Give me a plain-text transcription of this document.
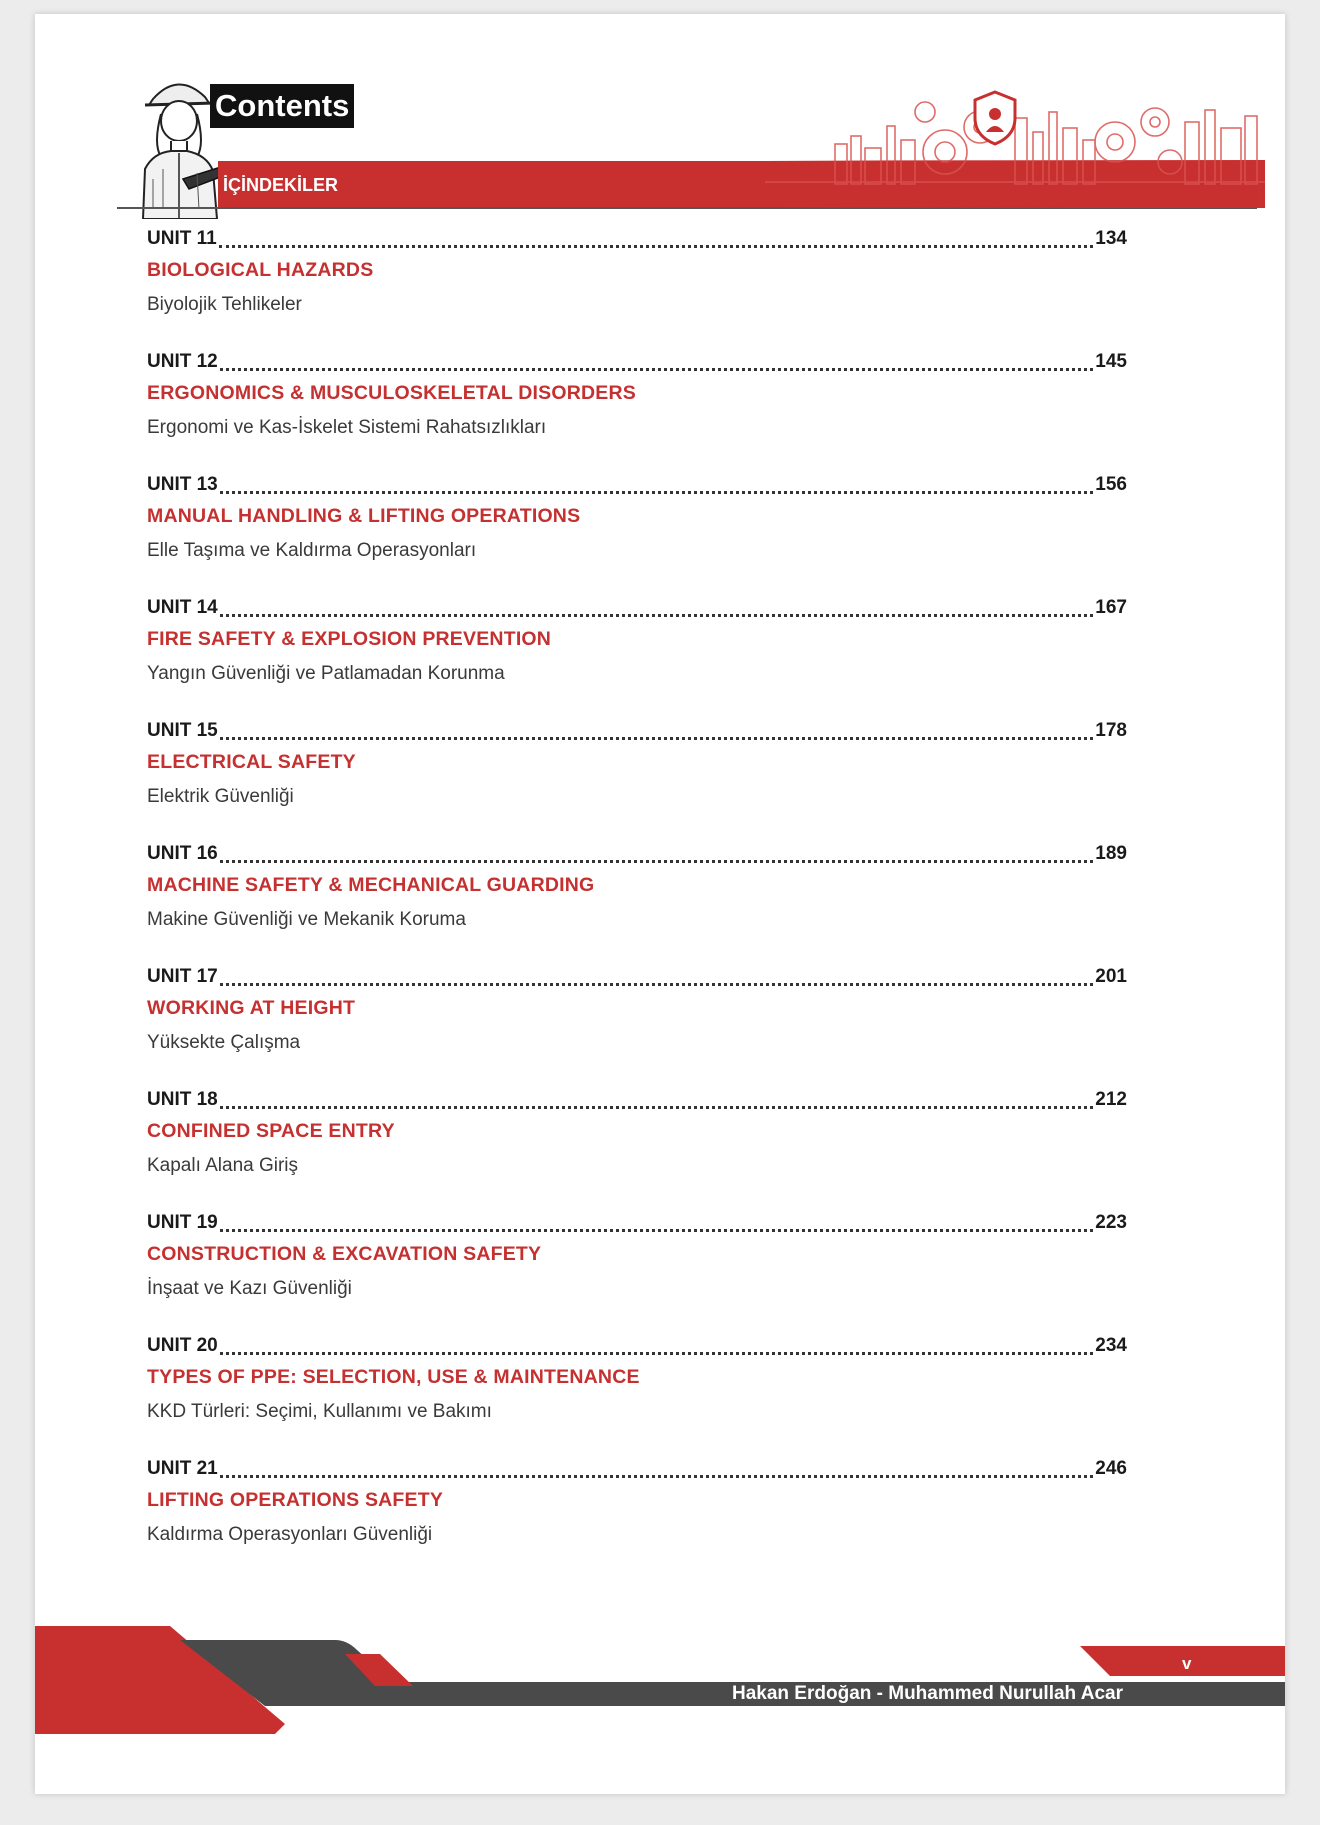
Contents
İÇİNDEKİLER
UNIT 11	134
BIOLOGICAL HAZARDS
Biyolojik Tehlikeler
UNIT 12	145
ERGONOMICS & MUSCULOSKELETAL DISORDERS
Ergonomi ve Kas-İskelet Sistemi Rahatsızlıkları
UNIT 13	156
MANUAL HANDLING & LIFTING OPERATIONS
Elle Taşıma ve Kaldırma Operasyonları
UNIT 14	167
FIRE SAFETY & EXPLOSION PREVENTION
Yangın Güvenliği ve Patlamadan Korunma
UNIT 15	178
ELECTRICAL SAFETY
Elektrik Güvenliği
UNIT 16	189
MACHINE SAFETY & MECHANICAL GUARDING
Makine Güvenliği ve Mekanik Koruma
UNIT 17	201
WORKING AT HEIGHT
Yüksekte Çalışma
UNIT 18	212
CONFINED SPACE ENTRY
Kapalı Alana Giriş
UNIT 19	223
CONSTRUCTION & EXCAVATION SAFETY
İnşaat ve Kazı Güvenliği
UNIT 20	234
TYPES OF PPE: SELECTION, USE & MAINTENANCE
KKD Türleri: Seçimi, Kullanımı ve Bakımı
UNIT 21	246
LIFTING OPERATIONS SAFETY
Kaldırma Operasyonları Güvenliği
v
Hakan Erdoğan - Muhammed Nurullah Acar
